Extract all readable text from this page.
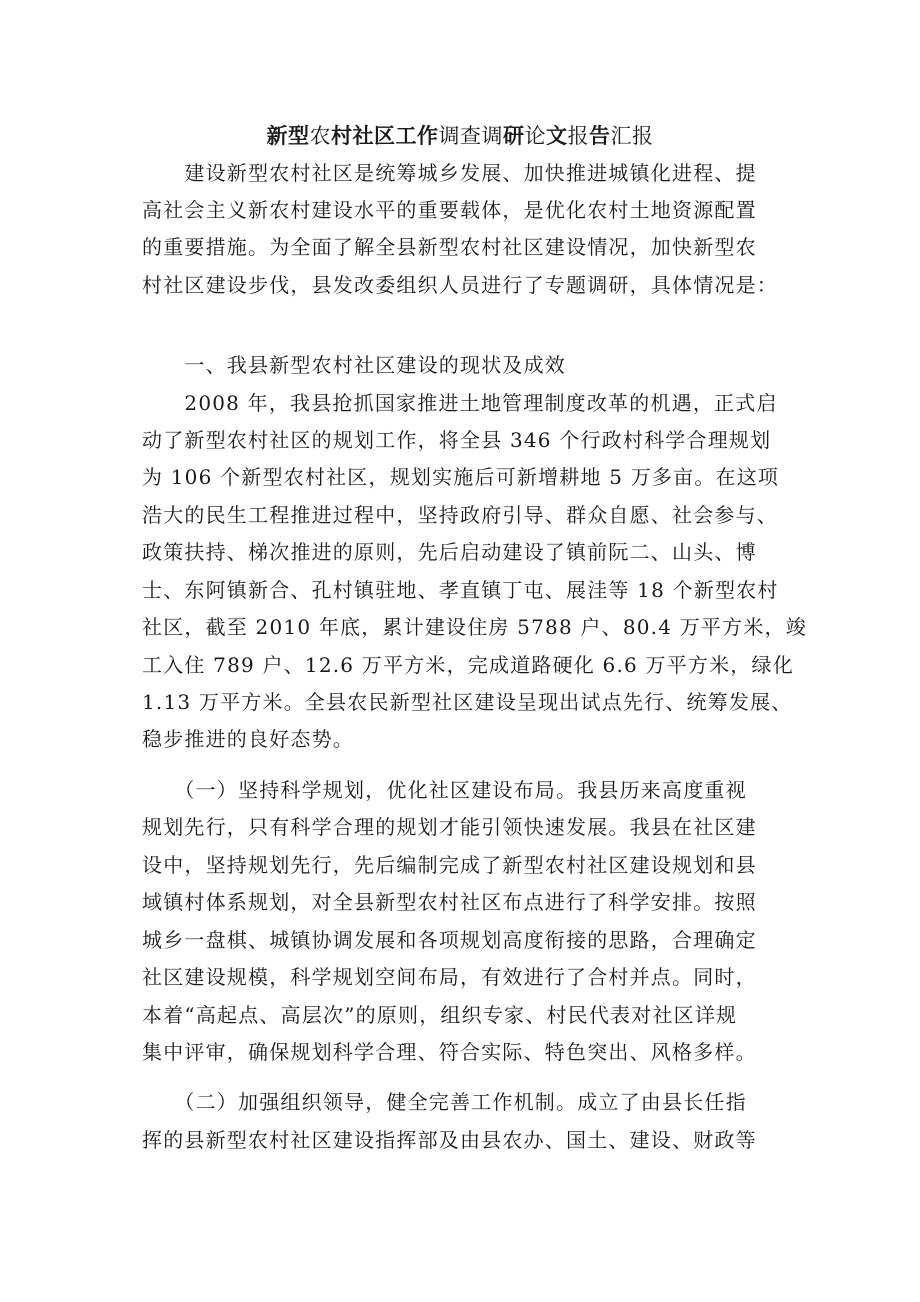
新型农村社区工作调查调研论文报告汇报
　　建设新型农村社区是统筹城乡发展、加快推进城镇化进程、提
高社会主义新农村建设水平的重要载体，是优化农村土地资源配置
的重要措施。为全面了解全县新型农村社区建设情况，加快新型农
村社区建设步伐，县发改委组织人员进行了专题调研，具体情况是：
　　一、我县新型农村社区建设的现状及成效
　　2008 年，我县抢抓国家推进土地管理制度改革的机遇，正式启
动了新型农村社区的规划工作，将全县 346 个行政村科学合理规划
为 106 个新型农村社区，规划实施后可新增耕地 5 万多亩。在这项
浩大的民生工程推进过程中，坚持政府引导、群众自愿、社会参与、
政策扶持、梯次推进的原则，先后启动建设了镇前阮二、山头、博
士、东阿镇新合、孔村镇驻地、孝直镇丁屯、展洼等 18 个新型农村
社区，截至 2010 年底，累计建设住房 5788 户、80.4 万平方米，竣
工入住 789 户、12.6 万平方米，完成道路硬化 6.6 万平方米，绿化
1.13 万平方米。全县农民新型社区建设呈现出试点先行、统筹发展、
稳步推进的良好态势。
　　（一）坚持科学规划，优化社区建设布局。我县历来高度重视
规划先行，只有科学合理的规划才能引领快速发展。我县在社区建
设中，坚持规划先行，先后编制完成了新型农村社区建设规划和县
域镇村体系规划，对全县新型农村社区布点进行了科学安排。按照
城乡一盘棋、城镇协调发展和各项规划高度衔接的思路，合理确定
社区建设规模，科学规划空间布局，有效进行了合村并点。同时，
本着“高起点、高层次”的原则，组织专家、村民代表对社区详规
集中评审，确保规划科学合理、符合实际、特色突出、风格多样。
　　（二）加强组织领导，健全完善工作机制。成立了由县长任指
挥的县新型农村社区建设指挥部及由县农办、国土、建设、财政等
